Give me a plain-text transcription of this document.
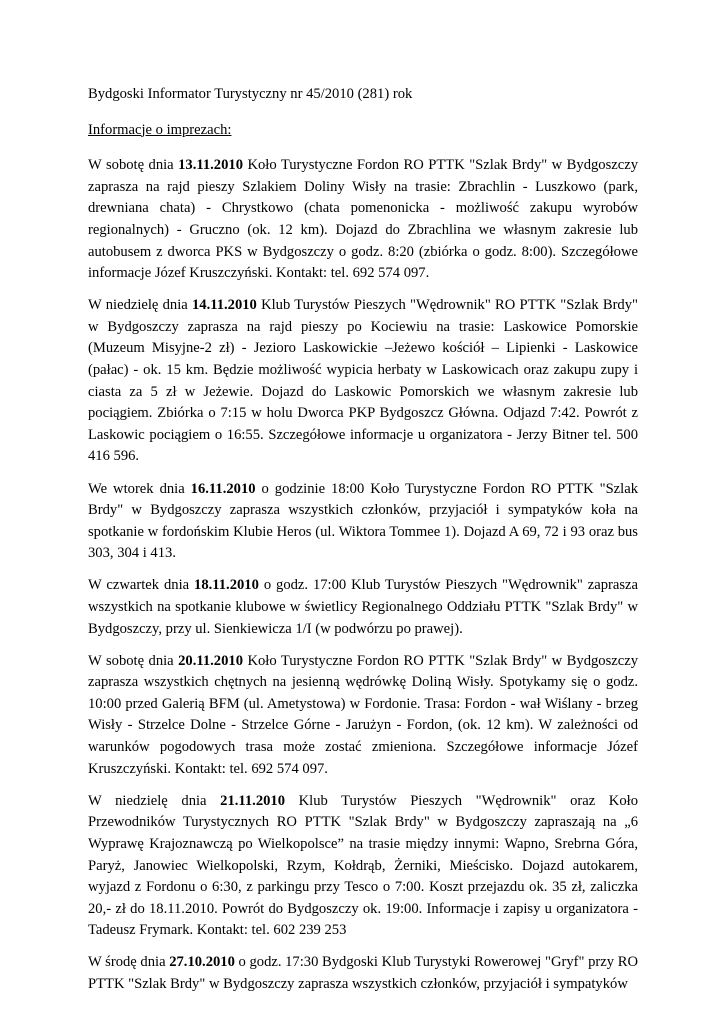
Bydgoski Informator Turystyczny nr 45/2010 (281) rok

Informacje o imprezach:

W sobotę dnia 13.11.2010 Koło Turystyczne Fordon RO PTTK "Szlak Brdy" w Bydgoszczy zaprasza na rajd pieszy Szlakiem Doliny Wisły na trasie: Zbrachlin - Luszkowo (park, drewniana chata) - Chrystkowo (chata pomenonicka - możliwość zakupu wyrobów regionalnych) - Gruczno (ok. 12 km). Dojazd do Zbrachlina we własnym zakresie lub autobusem z dworca PKS w Bydgoszczy o godz. 8:20 (zbiórka o godz. 8:00). Szczegółowe informacje Józef Kruszczyński. Kontakt: tel. 692 574 097.

W niedzielę dnia 14.11.2010 Klub Turystów Pieszych "Wędrownik" RO PTTK "Szlak Brdy" w Bydgoszczy zaprasza na rajd pieszy po Kociewiu na trasie: Laskowice Pomorskie (Muzeum Misyjne-2 zł) - Jezioro Laskowickie –Jeżewo kościół – Lipienki - Laskowice (pałac) - ok. 15 km. Będzie możliwość wypicia herbaty w Laskowicach oraz zakupu zupy i ciasta za 5 zł w Jeżewie. Dojazd do Laskowic Pomorskich we własnym zakresie lub pociągiem. Zbiórka o 7:15 w holu Dworca PKP Bydgoszcz Główna. Odjazd 7:42. Powrót z Laskowic pociągiem o 16:55. Szczegółowe informacje u organizatora - Jerzy Bitner tel. 500 416 596.

We wtorek dnia 16.11.2010 o godzinie 18:00 Koło Turystyczne Fordon RO PTTK "Szlak Brdy" w Bydgoszczy zaprasza wszystkich członków, przyjaciół i sympatyków koła na spotkanie w fordońskim Klubie Heros (ul. Wiktora Tommee 1). Dojazd A 69, 72 i 93 oraz bus 303, 304 i 413.

W czwartek dnia 18.11.2010 o godz. 17:00 Klub Turystów Pieszych "Wędrownik" zaprasza wszystkich na spotkanie klubowe w świetlicy Regionalnego Oddziału PTTK "Szlak Brdy" w Bydgoszczy, przy ul. Sienkiewicza 1/I (w podwórzu po prawej).

W sobotę dnia 20.11.2010 Koło Turystyczne Fordon RO PTTK "Szlak Brdy" w Bydgoszczy zaprasza wszystkich chętnych na jesienną wędrówkę Doliną Wisły. Spotykamy się o godz. 10:00 przed Galerią BFM (ul. Ametystowa) w Fordonie. Trasa: Fordon - wał Wiślany - brzeg Wisły - Strzelce Dolne - Strzelce Górne - Jarużyn - Fordon, (ok. 12 km). W zależności od warunków pogodowych trasa może zostać zmieniona. Szczegółowe informacje Józef Kruszczyński. Kontakt: tel. 692 574 097.

W niedzielę dnia 21.11.2010 Klub Turystów Pieszych "Wędrownik" oraz Koło Przewodników Turystycznych RO PTTK "Szlak Brdy" w Bydgoszczy zapraszają na „6 Wyprawę Krajoznawczą po Wielkopolsce” na trasie między innymi: Wapno, Srebrna Góra, Paryż, Janowiec Wielkopolski, Rzym, Kołdrąb, Żerniki, Mieścisko. Dojazd autokarem, wyjazd z Fordonu o 6:30, z parkingu przy Tesco o 7:00. Koszt przejazdu ok. 35 zł, zaliczka 20,- zł do 18.11.2010. Powrót do Bydgoszczy ok. 19:00. Informacje i zapisy u organizatora - Tadeusz Frymark. Kontakt: tel. 602 239 253

W środę dnia 27.10.2010 o godz. 17:30 Bydgoski Klub Turystyki Rowerowej "Gryf" przy RO PTTK "Szlak Brdy" w Bydgoszczy zaprasza wszystkich członków, przyjaciół i sympatyków
